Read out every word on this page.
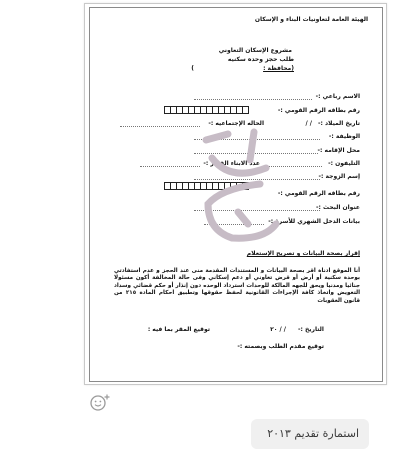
الهيئة العامة لتعاونيات البناء و الإسكان
مشروع الإسكان التعاوني
طلب حجز وحده سكنيه
(محافظة :
)
الاسم رباعي :-
رقم بطاقه الرقم القومي :-
تاريخ الميلاد :-
/ /
الحاله الإجتماعيه :-
الوظيفة :-
محل الإقامه :-
التليفون :-
عدد الابناء القصر :-
إسم الزوجة :-
رقم بطاقه الرقم القومي :-
عنوان البحث :-
بيانات الدخل الشهري للأسرة :-
إقرار بصحة البيانات و تصريح الإستعلام
أنا الموقع ادناة اقر بصحة البيانات و المستندات المقدمة منى عند الحجز و عدم استفادتي بوحدة سكنية أو أرض أو قرض تعاوني أو دعم إسكاني وفى حالة المخالفة أكون مسئولا جنائيا ومدنيا ويحق للجهه المالكة للوحدات استرداد الوحده دون إنذار أو حكم قضائي وسداد التعويض واتخاذ كافة الإجراءات القانونية لحفظ حقوقها وتطبيق احكام المادة ٢١٥ من قانون العقوبات
التاريخ :-
/ / ٢٠
توقيع المقر بما فيه :
توقيع مقدم الطلب وبصمته :-
استمارة تقديم ٢٠١٣
